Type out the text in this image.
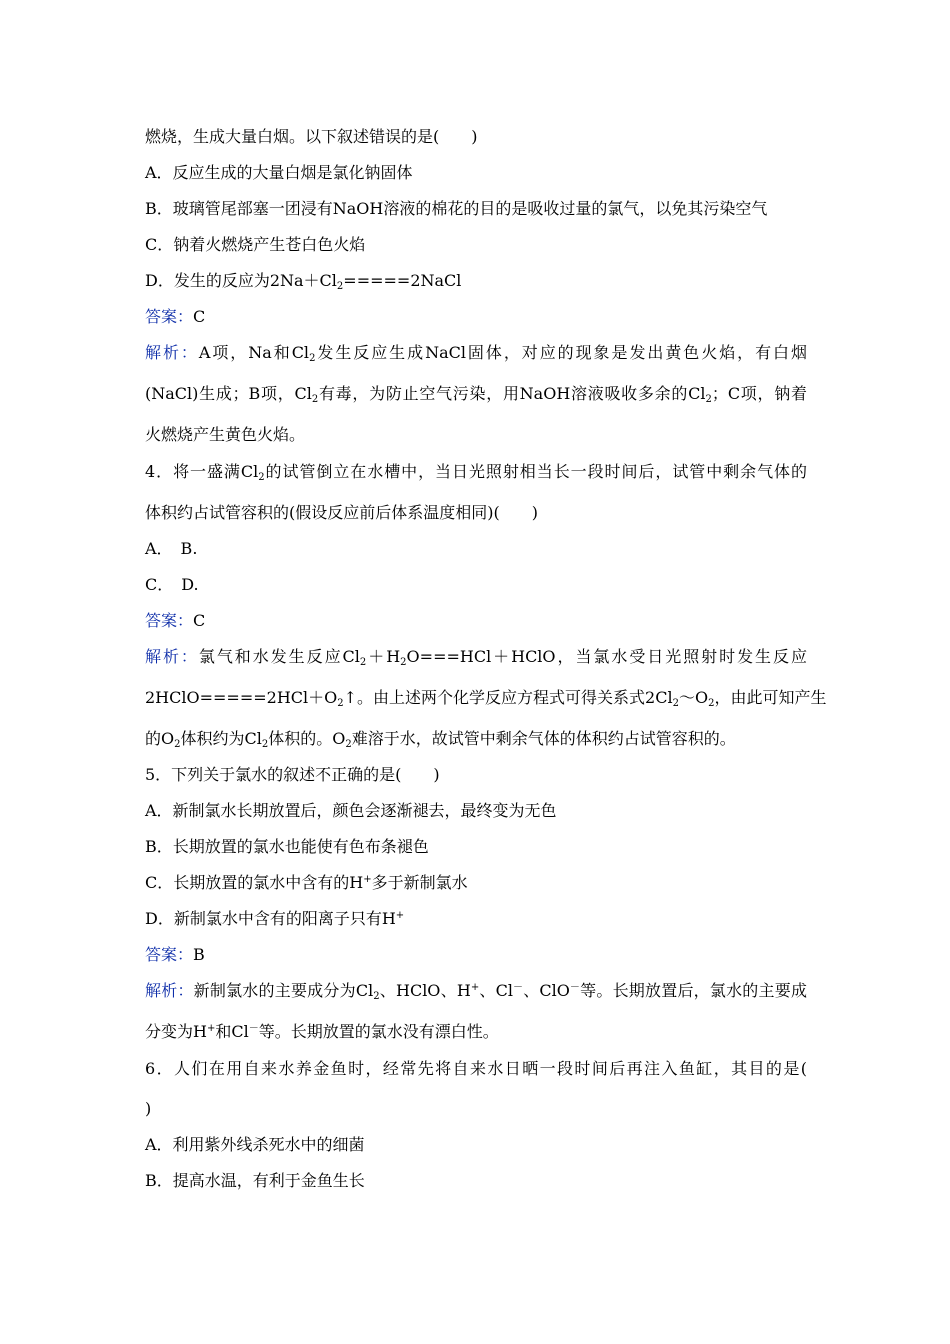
燃烧，生成大量白烟。以下叙述错误的是(　　)
A．反应生成的大量白烟是氯化钠固体
B．玻璃管尾部塞一团浸有NaOH溶液的棉花的目的是吸收过量的氯气，以免其污染空气
C．钠着火燃烧产生苍白色火焰
D．发生的反应为$2Na+Cl_2=====2NaCl$
答案：C
解析：A项，Na和$Cl_2$发生反应生成NaCl固体，对应的现象是发出黄色火焰，有白烟
(NaCl)生成；B项，$Cl_2$有毒，为防止空气污染，用NaOH溶液吸收多余的$Cl_2$；C项，钠着
火燃烧产生黄色火焰。
4．将一盛满$Cl_2$的试管倒立在水槽中，当日光照射相当长一段时间后，试管中剩余气体的
体积约占试管容积的(假设反应前后体系温度相同)(　　)
A．　B.
C．　D.
答案：C
解析：氯气和水发生反应$Cl_2+H_2O===HCl+HClO$，当氯水受日光照射时发生反应
$2HClO=====2HCl+O_2↑$。由上述两个化学反应方程式可得关系式$2Cl_2\sim O_2$，由此可知产生
的$O_2$体积约为$Cl_2$体积的。$O_2$难溶于水，故试管中剩余气体的体积约占试管容积的。
5．下列关于氯水的叙述不正确的是(　　)
A．新制氯水长期放置后，颜色会逐渐褪去，最终变为无色
B．长期放置的氯水也能使有色布条褪色
C．长期放置的氯水中含有的H+多于新制氯水
D．新制氯水中含有的阳离子只有H+
答案：B
解析：新制氯水的主要成分为$Cl_2$、HClO、H+、Cl－、ClO－等。长期放置后，氯水的主要成
分变为H+和Cl－等。长期放置的氯水没有漂白性。
6．人们在用自来水养金鱼时，经常先将自来水日晒一段时间后再注入鱼缸，其目的是(
)
A．利用紫外线杀死水中的细菌
B．提高水温，有利于金鱼生长
